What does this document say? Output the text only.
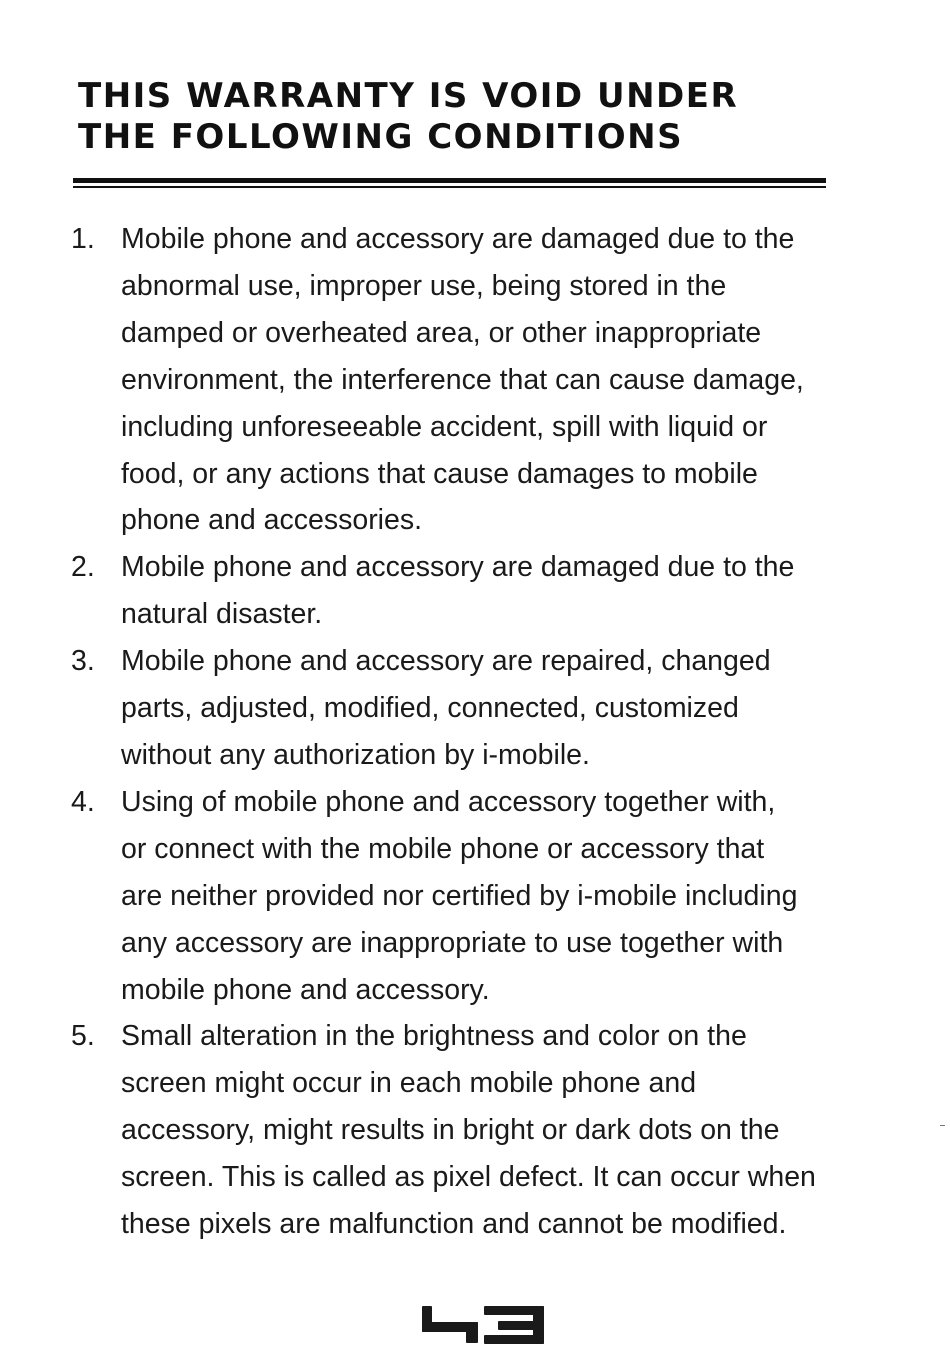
THIS WARRANTY IS VOID UNDER
THE FOLLOWING CONDITIONS
1. Mobile phone and accessory are damaged due to the
abnormal use, improper use, being stored in the
damped or overheated area, or other inappropriate
environment, the interference that can cause damage,
including unforeseeable accident, spill with liquid or
food, or any actions that cause damages to mobile
phone and accessories.
2. Mobile phone and accessory are damaged due to the
natural disaster.
3. Mobile phone and accessory are repaired, changed
parts, adjusted, modified, connected, customized
without any authorization by i-mobile.
4. Using of mobile phone and accessory together with,
or connect with the mobile phone or accessory that
are neither provided nor certified by i-mobile including
any accessory are inappropriate to use together with
mobile phone and accessory.
5. Small alteration in the brightness and color on the
screen might occur in each mobile phone and
accessory, might results in bright or dark dots on the
screen. This is called as pixel defect. It can occur when
these pixels are malfunction and cannot be modified.
